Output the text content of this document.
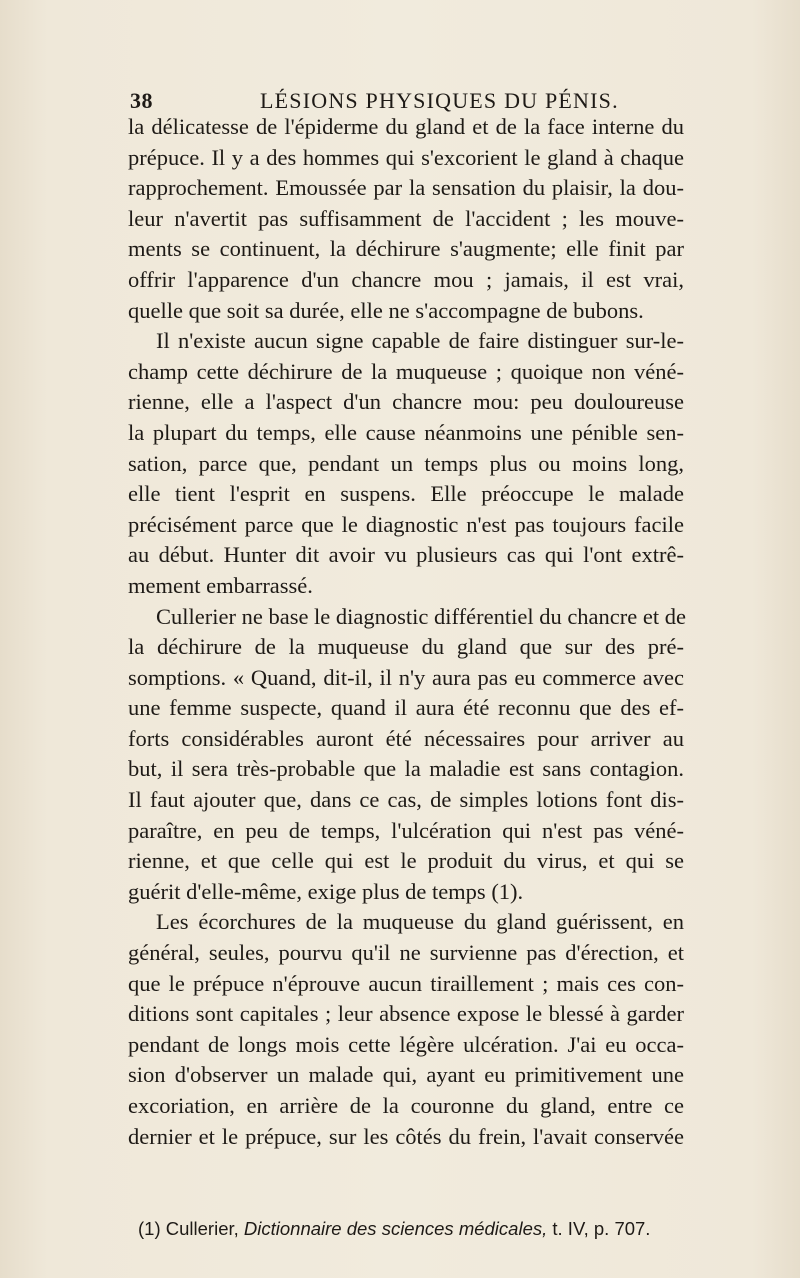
38	LÉSIONS PHYSIQUES DU PÉNIS.
la délicatesse de l'épiderme du gland et de la face interne du
prépuce. Il y a des hommes qui s'excorient le gland à chaque
rapprochement. Emoussée par la sensation du plaisir, la dou-
leur n'avertit pas suffisamment de l'accident ; les mouve-
ments se continuent, la déchirure s'augmente; elle finit par
offrir l'apparence d'un chancre mou ; jamais, il est vrai,
quelle que soit sa durée, elle ne s'accompagne de bubons.
Il n'existe aucun signe capable de faire distinguer sur-le-
champ cette déchirure de la muqueuse ; quoique non véné-
rienne, elle a l'aspect d'un chancre mou: peu douloureuse
la plupart du temps, elle cause néanmoins une pénible sen-
sation, parce que, pendant un temps plus ou moins long,
elle tient l'esprit en suspens. Elle préoccupe le malade
précisément parce que le diagnostic n'est pas toujours facile
au début. Hunter dit avoir vu plusieurs cas qui l'ont extrê-
mement embarrassé.
Cullerier ne base le diagnostic différentiel du chancre et de
la déchirure de la muqueuse du gland que sur des pré-
somptions. « Quand, dit-il, il n'y aura pas eu commerce avec
une femme suspecte, quand il aura été reconnu que des ef-
forts considérables auront été nécessaires pour arriver au
but, il sera très-probable que la maladie est sans contagion.
Il faut ajouter que, dans ce cas, de simples lotions font dis-
paraître, en peu de temps, l'ulcération qui n'est pas véné-
rienne, et que celle qui est le produit du virus, et qui se
guérit d'elle-même, exige plus de temps (1).
Les écorchures de la muqueuse du gland guérissent, en
général, seules, pourvu qu'il ne survienne pas d'érection, et
que le prépuce n'éprouve aucun tiraillement ; mais ces con-
ditions sont capitales ; leur absence expose le blessé à garder
pendant de longs mois cette légère ulcération. J'ai eu occa-
sion d'observer un malade qui, ayant eu primitivement une
excoriation, en arrière de la couronne du gland, entre ce
dernier et le prépuce, sur les côtés du frein, l'avait conservée
(1) Cullerier, Dictionnaire des sciences médicales, t. IV, p. 707.
